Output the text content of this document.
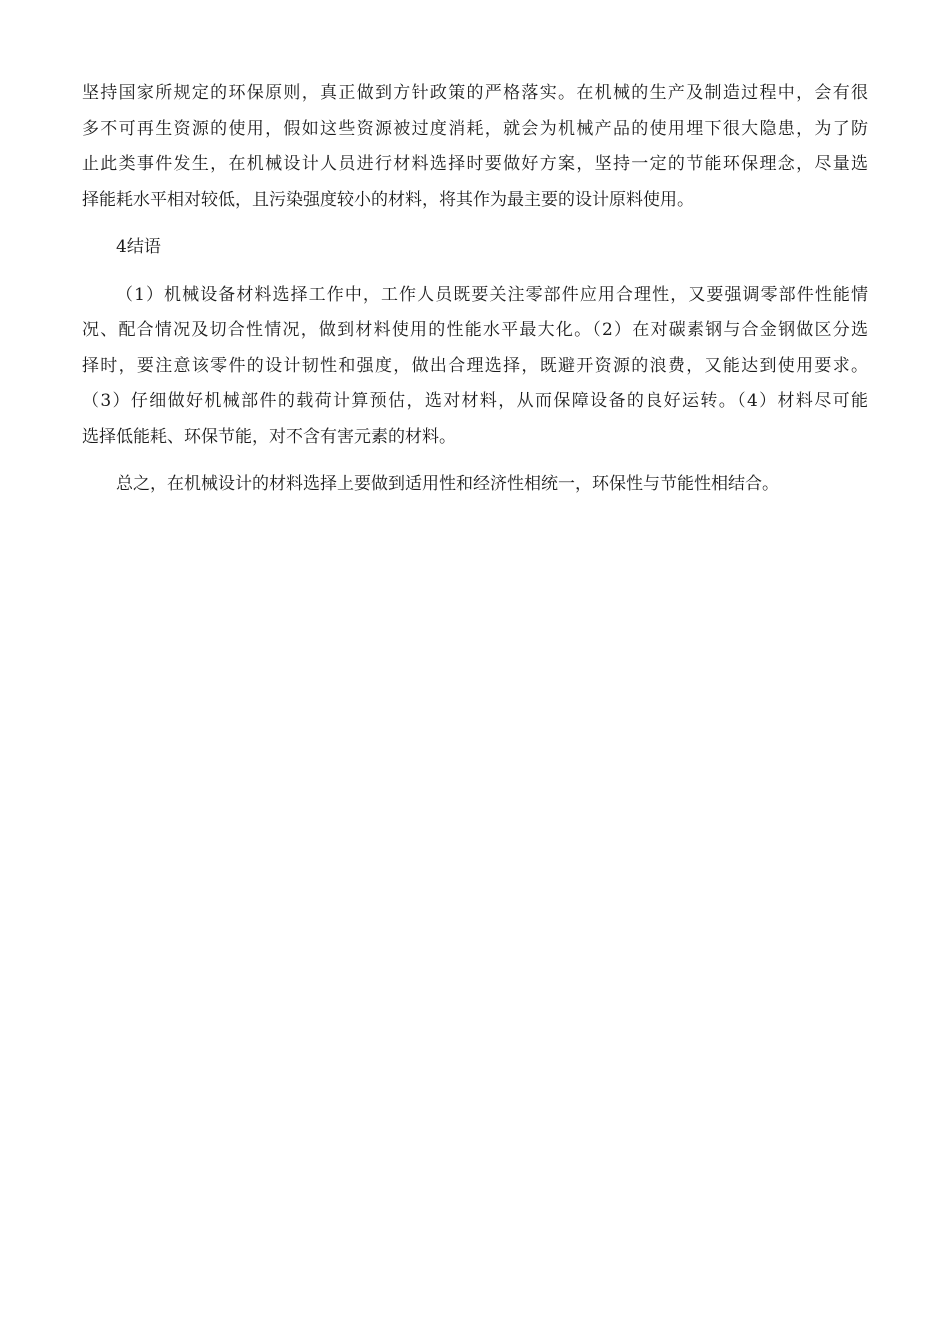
坚持国家所规定的环保原则，真正做到方针政策的严格落实。在机械的生产及制造过程中，会有很
多不可再生资源的使用，假如这些资源被过度消耗，就会为机械产品的使用埋下很大隐患，为了防
止此类事件发生，在机械设计人员进行材料选择时要做好方案，坚持一定的节能环保理念，尽量选
择能耗水平相对较低，且污染强度较小的材料，将其作为最主要的设计原料使用。

4结语

（1）机械设备材料选择工作中，工作人员既要关注零部件应用合理性，又要强调零部件性能情
况、配合情况及切合性情况，做到材料使用的性能水平最大化。（2）在对碳素钢与合金钢做区分选
择时，要注意该零件的设计韧性和强度，做出合理选择，既避开资源的浪费，又能达到使用要求。
（3）仔细做好机械部件的载荷计算预估，选对材料，从而保障设备的良好运转。（4）材料尽可能
选择低能耗、环保节能，对不含有害元素的材料。

总之，在机械设计的材料选择上要做到适用性和经济性相统一，环保性与节能性相结合。
